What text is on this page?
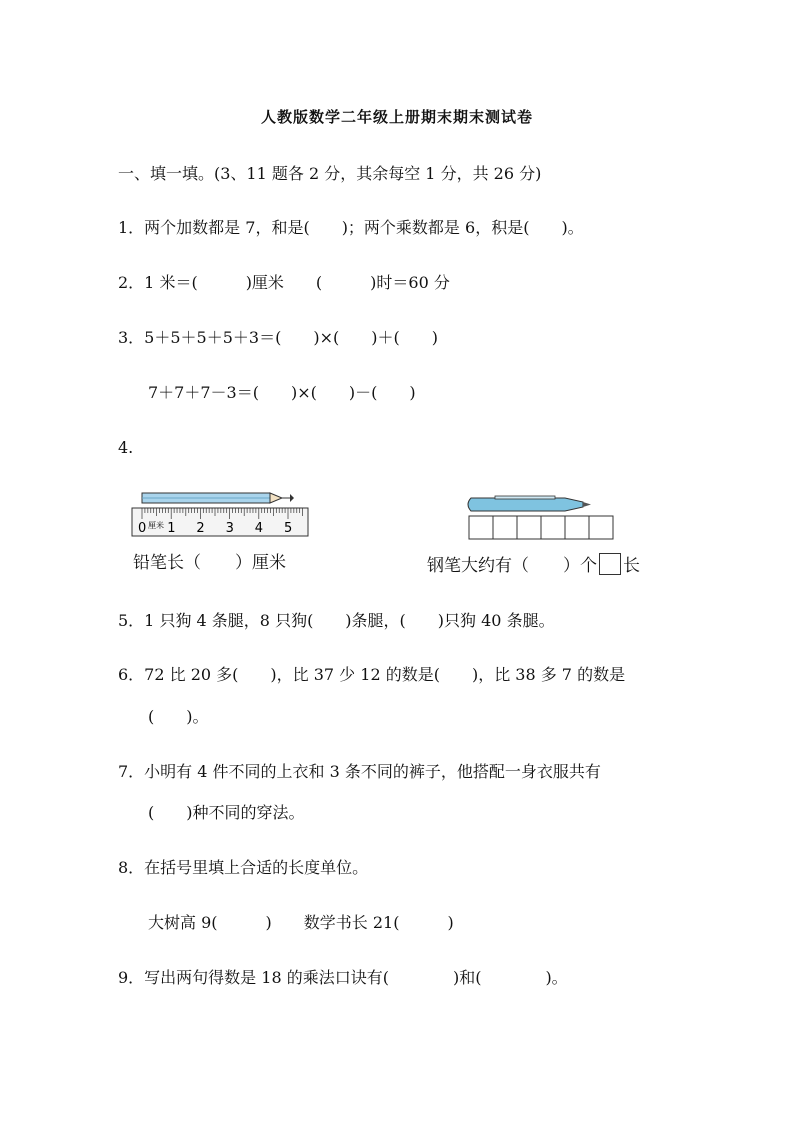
人教版数学二年级上册期末期末测试卷
一、填一填。(3、11 题各 2 分，其余每空 1 分，共 26 分)
1．两个加数都是 7，和是(　　)；两个乘数都是 6，积是(　　)。
2．1 米＝(　　　)厘米　　(　　　)时＝60 分
3．5＋5＋5＋5＋3＝(　　)×(　　)＋(　　)
7＋7＋7－3＝(　　)×(　　)－(　　)
4.
厘米
0 1 2 3 4 5
铅笔长（　　）厘米	钢笔大约有（　　）个 长
5．1 只狗 4 条腿，8 只狗(　　)条腿，(　　)只狗 40 条腿。
6．72 比 20 多(　　)，比 37 少 12 的数是(　　)，比 38 多 7 的数是
(　　)。
7．小明有 4 件不同的上衣和 3 条不同的裤子，他搭配一身衣服共有
(　　)种不同的穿法。
8．在括号里填上合适的长度单位。
大树高 9(　　　)　　数学书长 21(　　　)
9．写出两句得数是 18 的乘法口诀有(　　　　)和(　　　　)。
